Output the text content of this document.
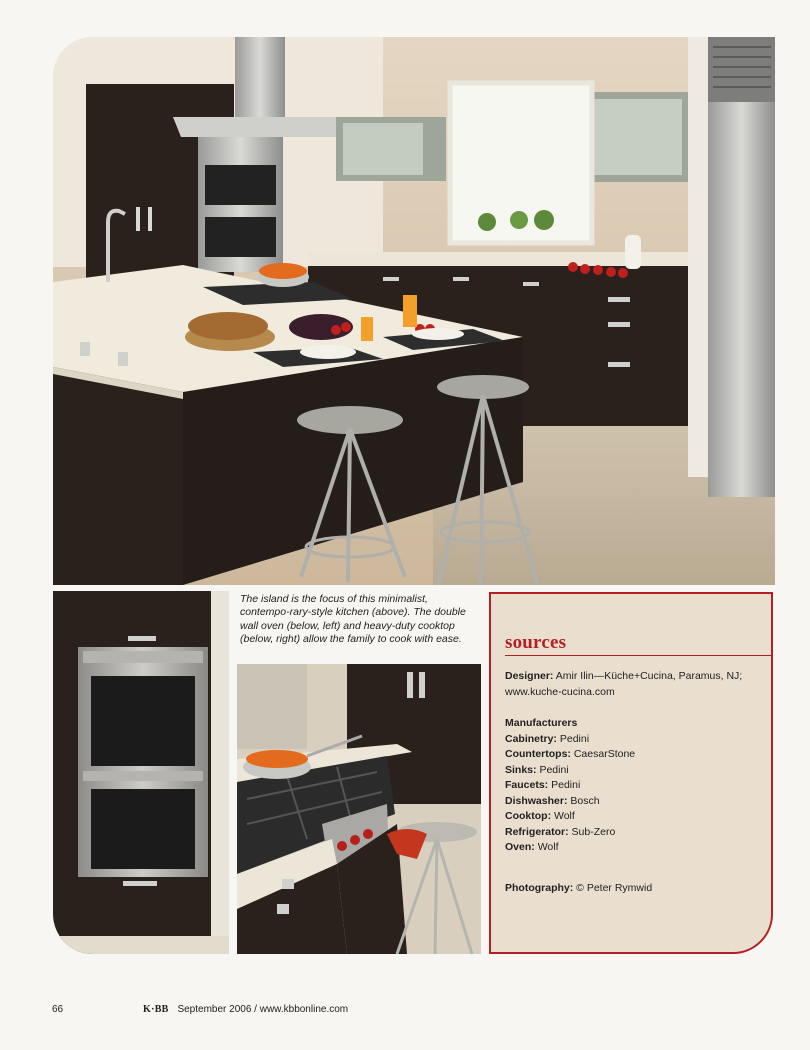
The island is the focus of this minimalist, contempo-rary-style kitchen (above). The double wall oven (below, left) and heavy-duty cooktop (below, right) allow the family to cook with ease.	sources
Designer: Amir Ilin—Küche+Cucina, Paramus, NJ; www.kuche-cucina.com
Manufacturers
Cabinetry: Pedini
Countertops: CaesarStone
Sinks: Pedini
Faucets: Pedini
Dishwasher: Bosch
Cooktop: Wolf
Refrigerator: Sub-Zero
Oven: Wolf
Photography: © Peter Rymwid
66	K·BB September 2006 / www.kbbonline.com
